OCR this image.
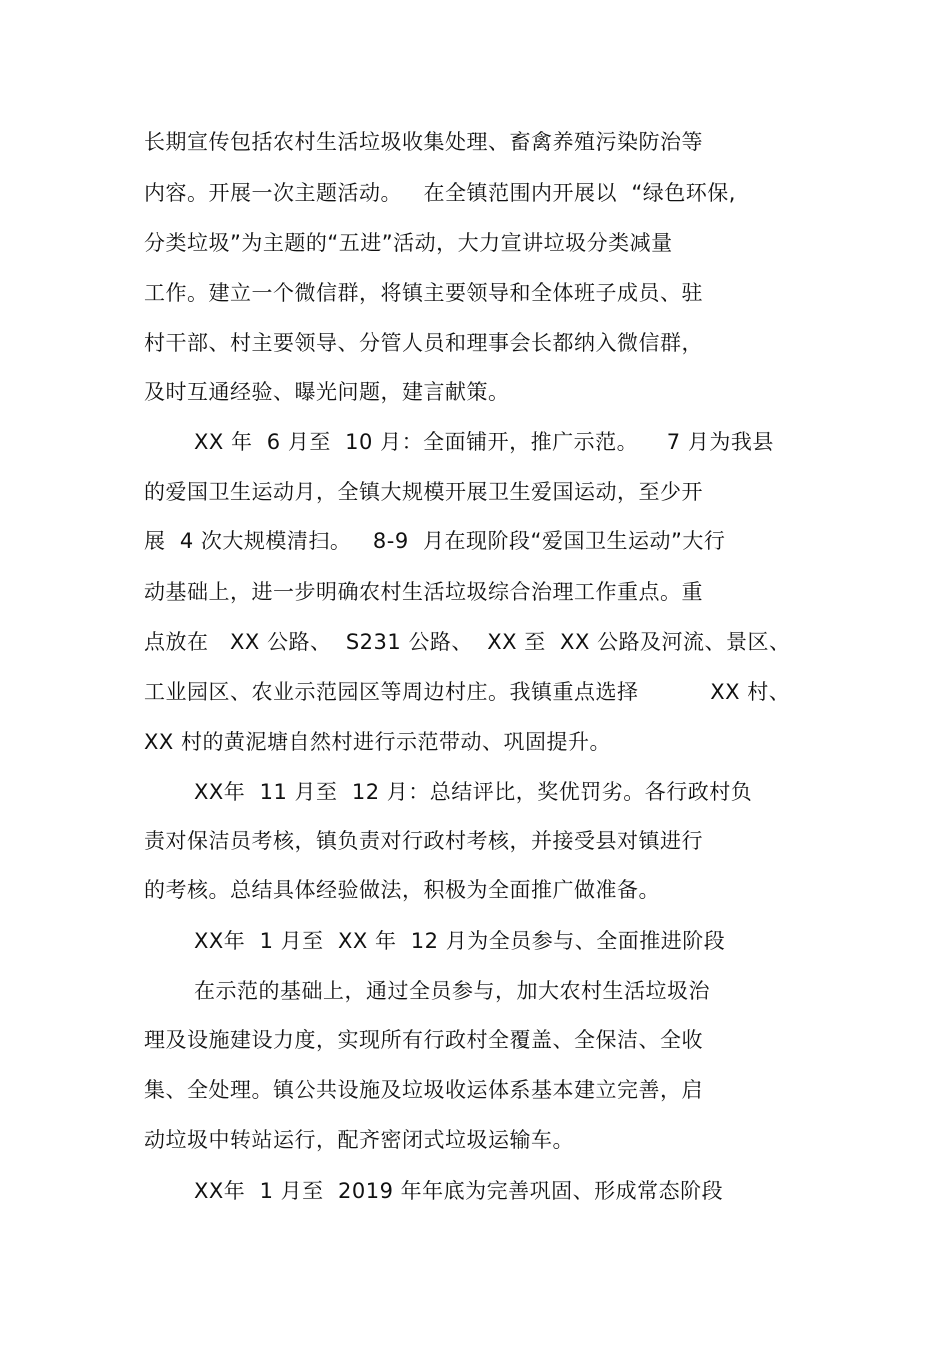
长期宣传包括农村生活垃圾收集处理、畜禽养殖污染防治等
内容。开展一次主题活动。   在全镇范围内开展以  “绿色环保,
分类垃圾”为主题的“五进”活动，大力宣讲垃圾分类减量
工作。建立一个微信群，将镇主要领导和全体班子成员、驻
村干部、村主要领导、分管人员和理事会长都纳入微信群，
及时互通经验、曝光问题，建言献策。
XX 年  6 月至  10 月：全面铺开，推广示范。    7 月为我县
的爱国卫生运动月，全镇大规模开展卫生爱国运动，至少开
展  4 次大规模清扫。   8-9  月在现阶段“爱国卫生运动”大行
动基础上，进一步明确农村生活垃圾综合治理工作重点。重
点放在   XX 公路、  S231 公路、  XX 至  XX 公路及河流、景区、
工业园区、农业示范园区等周边村庄。我镇重点选择          XX 村、
XX 村的黄泥塘自然村进行示范带动、巩固提升。
XX年  11 月至  12 月：总结评比，奖优罚劣。各行政村负
责对保洁员考核，镇负责对行政村考核，并接受县对镇进行
的考核。总结具体经验做法，积极为全面推广做准备。
XX年  1 月至  XX 年  12 月为全员参与、全面推进阶段
在示范的基础上，通过全员参与，加大农村生活垃圾治
理及设施建设力度，实现所有行政村全覆盖、全保洁、全收
集、全处理。镇公共设施及垃圾收运体系基本建立完善，启
动垃圾中转站运行，配齐密闭式垃圾运输车。
XX年  1 月至  2019 年年底为完善巩固、形成常态阶段
